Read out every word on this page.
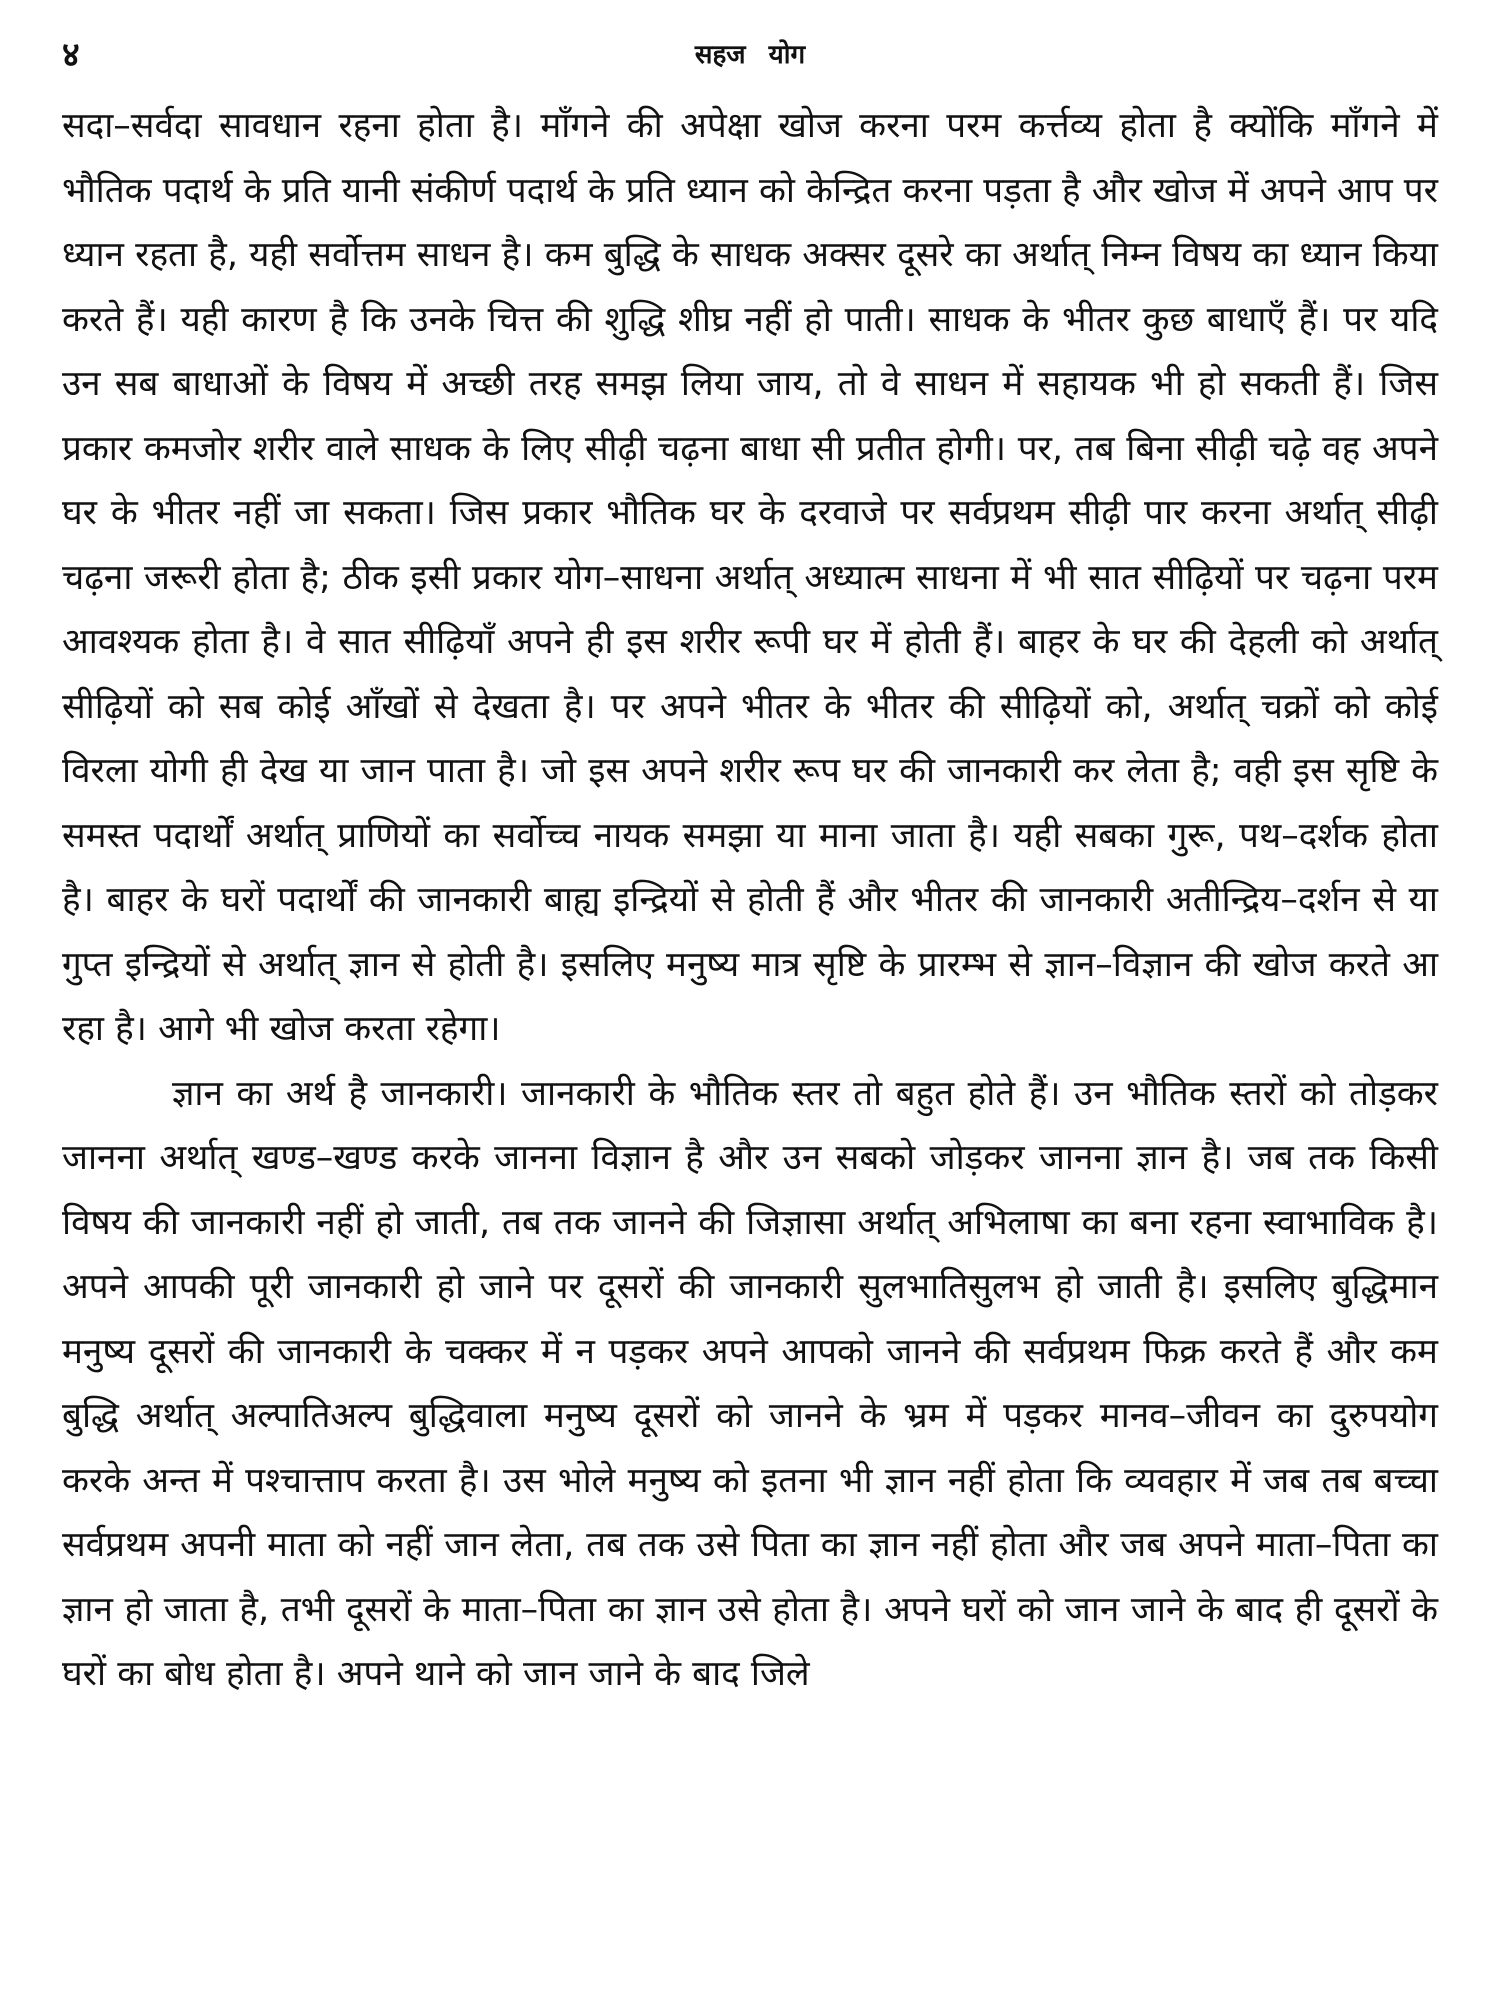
४	सहज योग

सदा–सर्वदा सावधान रहना होता है। माँगने की अपेक्षा खोज करना परम कर्त्तव्य होता है क्योंकि माँगने में भौतिक पदार्थ के प्रति यानी संकीर्ण पदार्थ के प्रति ध्यान को केन्द्रित करना पड़ता है और खोज में अपने आप पर ध्यान रहता है, यही सर्वोत्तम साधन है। कम बुद्धि के साधक अक्सर दूसरे का अर्थात् निम्न विषय का ध्यान किया करते हैं। यही कारण है कि उनके चित्त की शुद्धि शीघ्र नहीं हो पाती। साधक के भीतर कुछ बाधाएँ हैं। पर यदि उन सब बाधाओं के विषय में अच्छी तरह समझ लिया जाय, तो वे साधन में सहायक भी हो सकती हैं। जिस प्रकार कमजोर शरीर वाले साधक के लिए सीढ़ी चढ़ना बाधा सी प्रतीत होगी। पर, तब बिना सीढ़ी चढ़े वह अपने घर के भीतर नहीं जा सकता। जिस प्रकार भौतिक घर के दरवाजे पर सर्वप्रथम सीढ़ी पार करना अर्थात् सीढ़ी चढ़ना जरूरी होता है; ठीक इसी प्रकार योग–साधना अर्थात् अध्यात्म साधना में भी सात सीढ़ियों पर चढ़ना परम आवश्यक होता है। वे सात सीढ़ियाँ अपने ही इस शरीर रूपी घर में होती हैं। बाहर के घर की देहली को अर्थात् सीढ़ियों को सब कोई आँखों से देखता है। पर अपने भीतर के भीतर की सीढ़ियों को, अर्थात् चक्रों को कोई विरला योगी ही देख या जान पाता है। जो इस अपने शरीर रूप घर की जानकारी कर लेता है; वही इस सृष्टि के समस्त पदार्थों अर्थात् प्राणियों का सर्वोच्च नायक समझा या माना जाता है। यही सबका गुरू, पथ–दर्शक होता है। बाहर के घरों पदार्थों की जानकारी बाह्य इन्द्रियों से होती हैं और भीतर की जानकारी अतीन्द्रिय–दर्शन से या गुप्त इन्द्रियों से अर्थात् ज्ञान से होती है। इसलिए मनुष्य मात्र सृष्टि के प्रारम्भ से ज्ञान–विज्ञान की खोज करते आ रहा है। आगे भी खोज करता रहेगा।

ज्ञान का अर्थ है जानकारी। जानकारी के भौतिक स्तर तो बहुत होते हैं। उन भौतिक स्तरों को तोड़कर जानना अर्थात् खण्ड–खण्ड करके जानना विज्ञान है और उन सबको जोड़कर जानना ज्ञान है। जब तक किसी विषय की जानकारी नहीं हो जाती, तब तक जानने की जिज्ञासा अर्थात् अभिलाषा का बना रहना स्वाभाविक है। अपने आपकी पूरी जानकारी हो जाने पर दूसरों की जानकारी सुलभातिसुलभ हो जाती है। इसलिए बुद्धिमान मनुष्य दूसरों की जानकारी के चक्कर में न पड़कर अपने आपको जानने की सर्वप्रथम फिक्र करते हैं और कम बुद्धि अर्थात् अल्पातिअल्प बुद्धिवाला मनुष्य दूसरों को जानने के भ्रम में पड़कर मानव–जीवन का दुरुपयोग करके अन्त में पश्चात्ताप करता है। उस भोले मनुष्य को इतना भी ज्ञान नहीं होता कि व्यवहार में जब तब बच्चा सर्वप्रथम अपनी माता को नहीं जान लेता, तब तक उसे पिता का ज्ञान नहीं होता और जब अपने माता–पिता का ज्ञान हो जाता है, तभी दूसरों के माता–पिता का ज्ञान उसे होता है। अपने घरों को जान जाने के बाद ही दूसरों के घरों का बोध होता है। अपने थाने को जान जाने के बाद जिले
